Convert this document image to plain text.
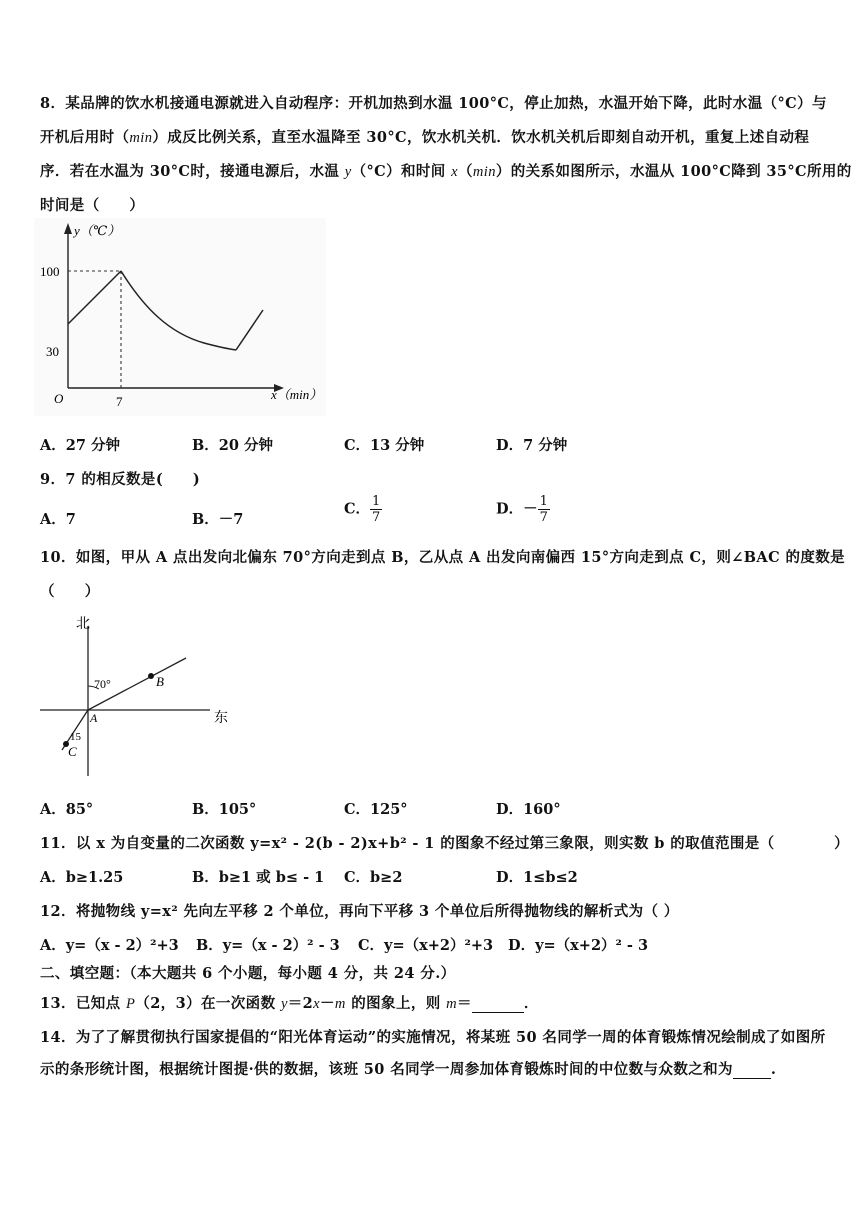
8．某品牌的饮水机接通电源就进入自动程序：开机加热到水温 100°C，停止加热，水温开始下降，此时水温（°C）与
开机后用时（min）成反比例关系，直至水温降至 30°C，饮水机关机．饮水机关机后即刻自动开机，重复上述自动程
序．若在水温为 30°C时，接通电源后，水温 y（°C）和时间 x（min）的关系如图所示，水温从 100°C降到 35°C所用的
时间是（　　）
y（℃）
x（min）
O
100
30
7
A．27 分钟	B．20 分钟	C．13 分钟	D．7 分钟
9．7 的相反数是(　　)
A．7	B．－7
C． $\frac{1}{7}$	D．－ $\frac{1}{7}$
10．如图，甲从 A 点出发向北偏东 70°方向走到点 B，乙从点 A 出发向南偏西 15°方向走到点 C，则∠BAC 的度数是
（　　）
北
东
70°
15
A
B
C
A．85°	B．105°	C．125°	D．160°
11．以 x 为自变量的二次函数 y=x² - 2(b - 2)x+b² - 1 的图象不经过第三象限，则实数 b 的取值范围是（　　　　）
A．b≥1.25	B．b≥1 或 b≤ - 1 C．b≥2	D．1≤b≤2
12．将抛物线 y=x² 先向左平移 2 个单位，再向下平移 3 个单位后所得抛物线的解析式为（ ）
A．y=（x - 2）²+3 B．y=（x - 2）² - 3 C．y=（x+2）²+3 D．y=（x+2）² - 3
二、填空题：（本大题共 6 个小题，每小题 4 分，共 24 分.）
13．已知点 P（2，3）在一次函数 y＝2x－m 的图象上，则 m＝	．
14．为了了解贯彻执行国家提倡的“阳光体育运动”的实施情况，将某班 50 名同学一周的体育锻炼情况绘制成了如图所
示的条形统计图，根据统计图提·供的数据，该班 50 名同学一周参加体育锻炼时间的中位数与众数之和为	.
